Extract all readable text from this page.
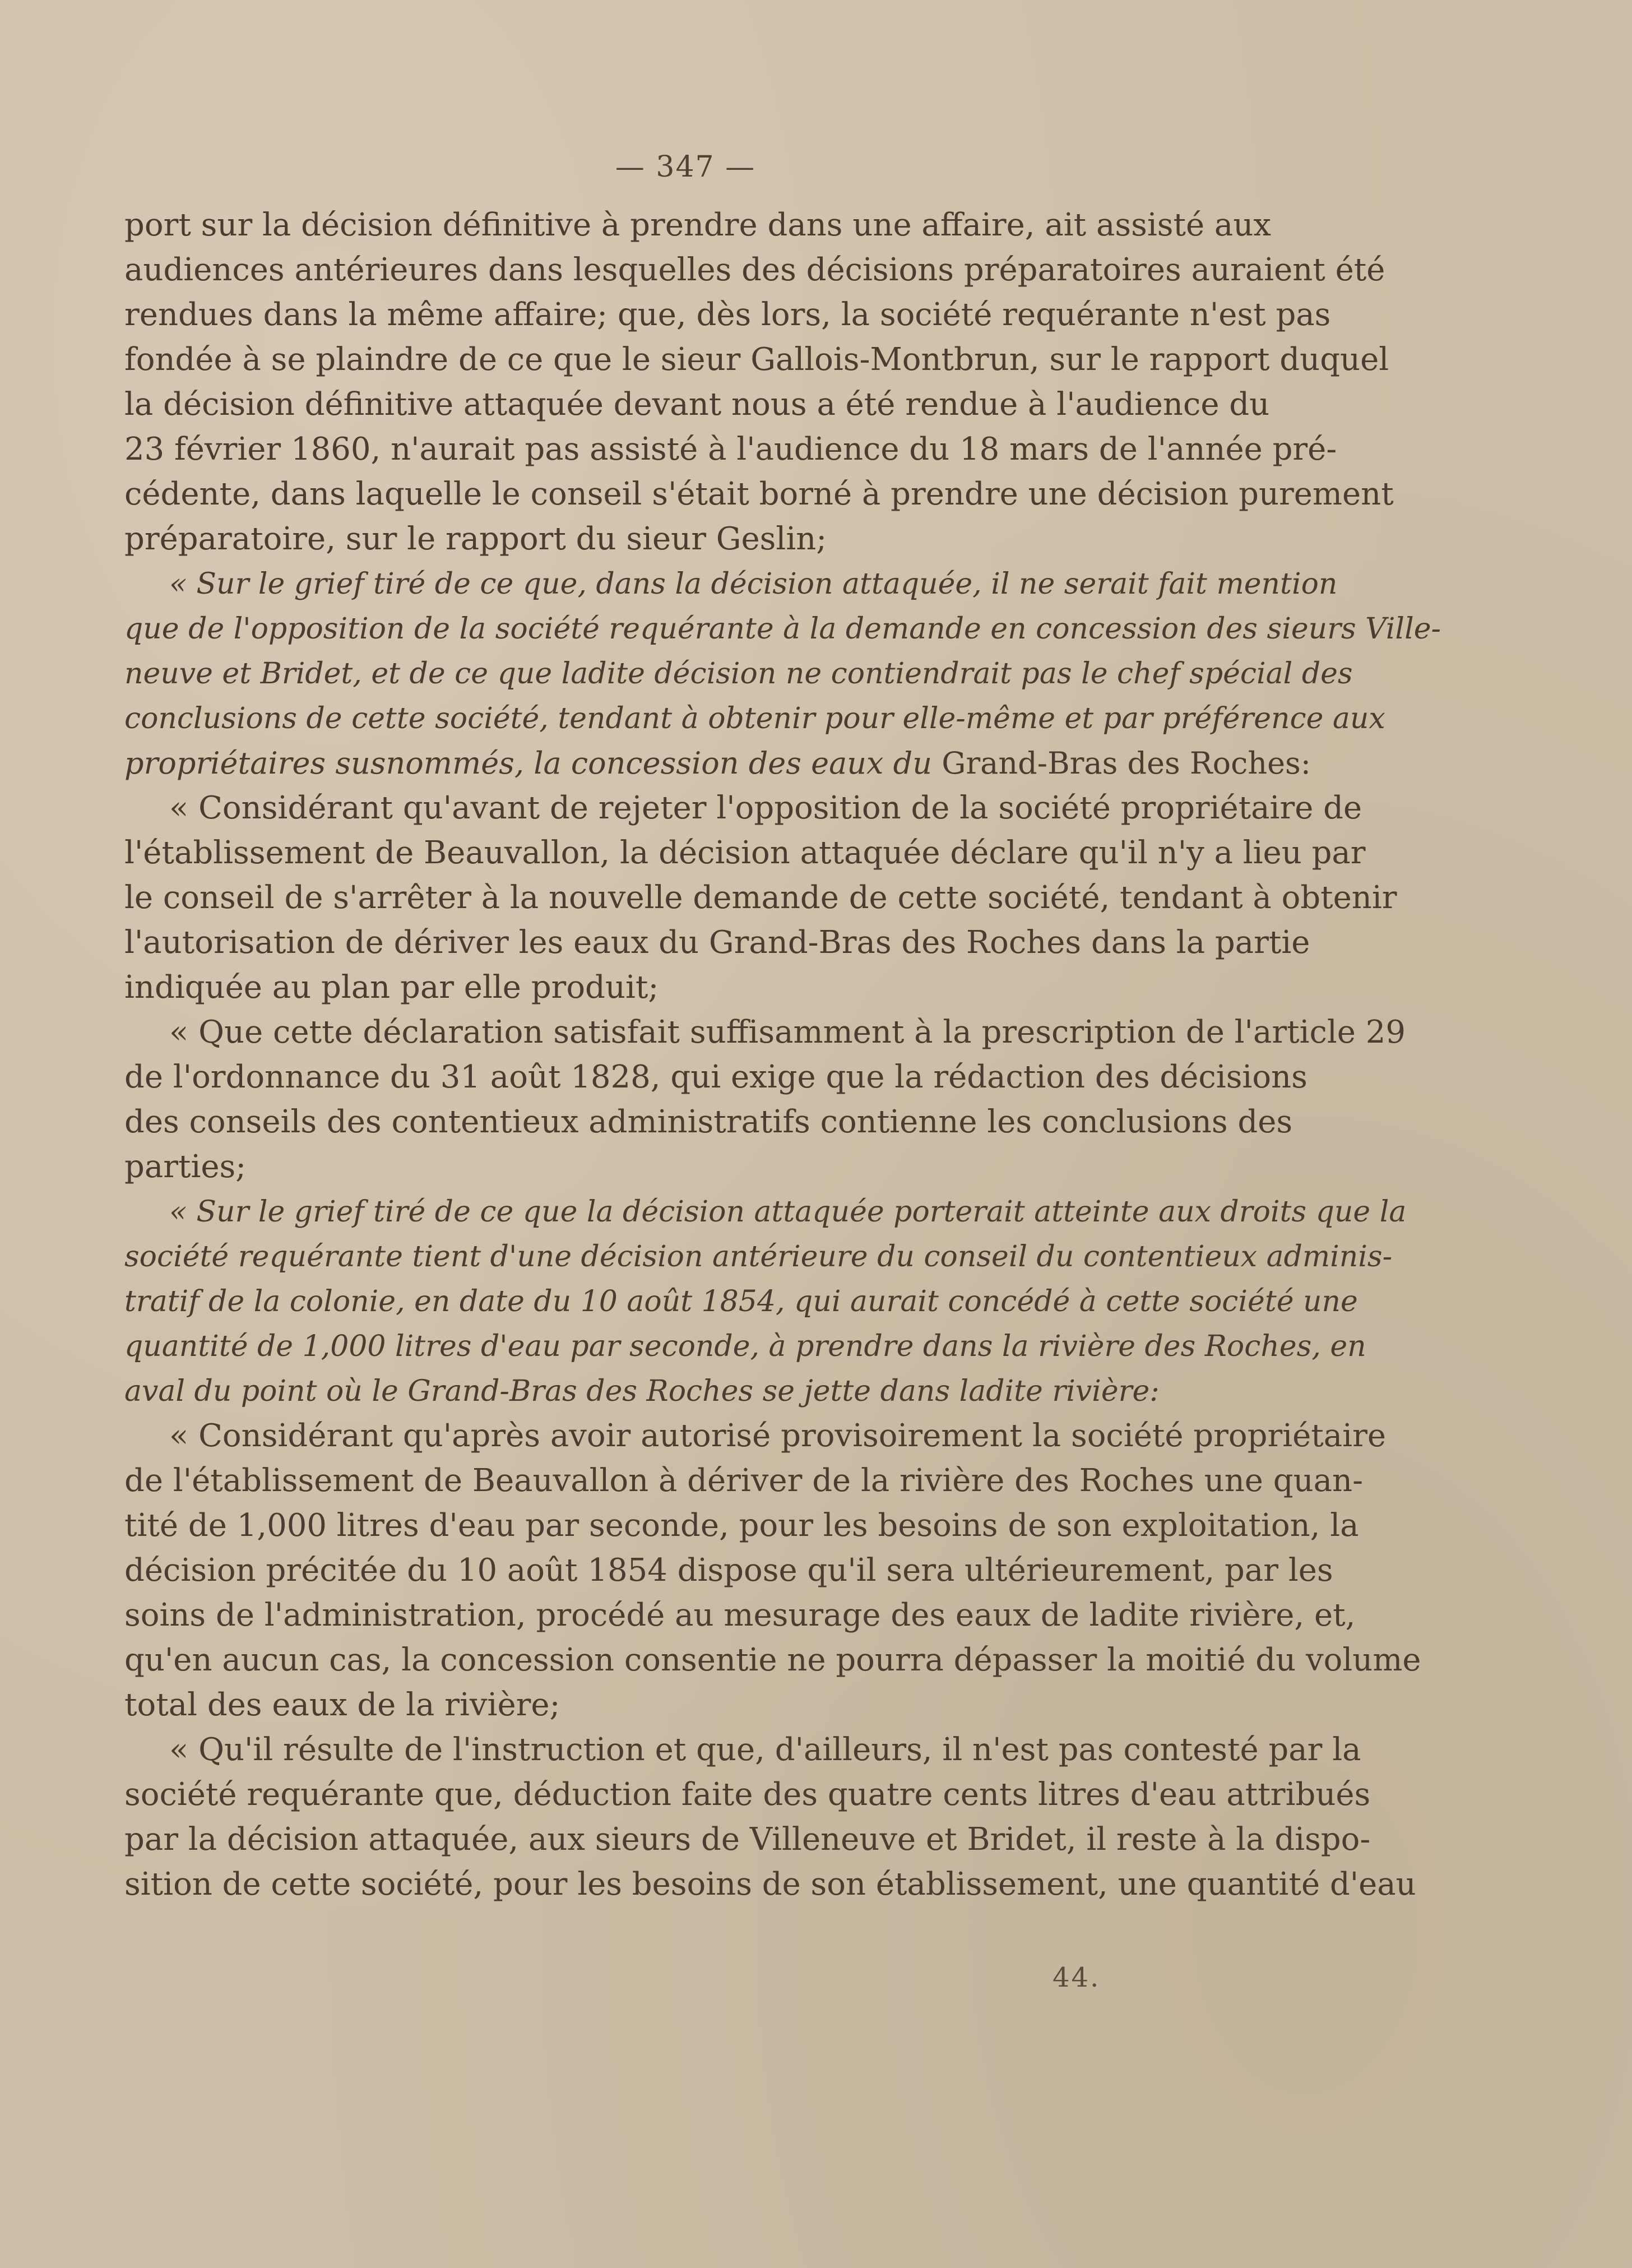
— 347 —
port sur la décision définitive à prendre dans une affaire, ait assisté aux
audiences antérieures dans lesquelles des décisions préparatoires auraient été
rendues dans la même affaire; que, dès lors, la société requérante n'est pas
fondée à se plaindre de ce que le sieur Gallois-Montbrun, sur le rapport duquel
la décision définitive attaquée devant nous a été rendue à l'audience du
23 février 1860, n'aurait pas assisté à l'audience du 18 mars de l'année pré-
cédente, dans laquelle le conseil s'était borné à prendre une décision purement
préparatoire, sur le rapport du sieur Geslin;
« Sur le grief tiré de ce que, dans la décision attaquée, il ne serait fait mention
que de l'opposition de la société requérante à la demande en concession des sieurs Ville-
neuve et Bridet, et de ce que ladite décision ne contiendrait pas le chef spécial des
conclusions de cette société, tendant à obtenir pour elle-même et par préférence aux
propriétaires susnommés, la concession des eaux du Grand-Bras des Roches:
« Considérant qu'avant de rejeter l'opposition de la société propriétaire de
l'établissement de Beauvallon, la décision attaquée déclare qu'il n'y a lieu par
le conseil de s'arrêter à la nouvelle demande de cette société, tendant à obtenir
l'autorisation de dériver les eaux du Grand-Bras des Roches dans la partie
indiquée au plan par elle produit;
« Que cette déclaration satisfait suffisamment à la prescription de l'article 29
de l'ordonnance du 31 août 1828, qui exige que la rédaction des décisions
des conseils des contentieux administratifs contienne les conclusions des
parties;
« Sur le grief tiré de ce que la décision attaquée porterait atteinte aux droits que la
société requérante tient d'une décision antérieure du conseil du contentieux adminis-
tratif de la colonie, en date du 10 août 1854, qui aurait concédé à cette société une
quantité de 1,000 litres d'eau par seconde, à prendre dans la rivière des Roches, en
aval du point où le Grand-Bras des Roches se jette dans ladite rivière:
« Considérant qu'après avoir autorisé provisoirement la société propriétaire
de l'établissement de Beauvallon à dériver de la rivière des Roches une quan-
tité de 1,000 litres d'eau par seconde, pour les besoins de son exploitation, la
décision précitée du 10 août 1854 dispose qu'il sera ultérieurement, par les
soins de l'administration, procédé au mesurage des eaux de ladite rivière, et,
qu'en aucun cas, la concession consentie ne pourra dépasser la moitié du volume
total des eaux de la rivière;
« Qu'il résulte de l'instruction et que, d'ailleurs, il n'est pas contesté par la
société requérante que, déduction faite des quatre cents litres d'eau attribués
par la décision attaquée, aux sieurs de Villeneuve et Bridet, il reste à la dispo-
sition de cette société, pour les besoins de son établissement, une quantité d'eau
44.
